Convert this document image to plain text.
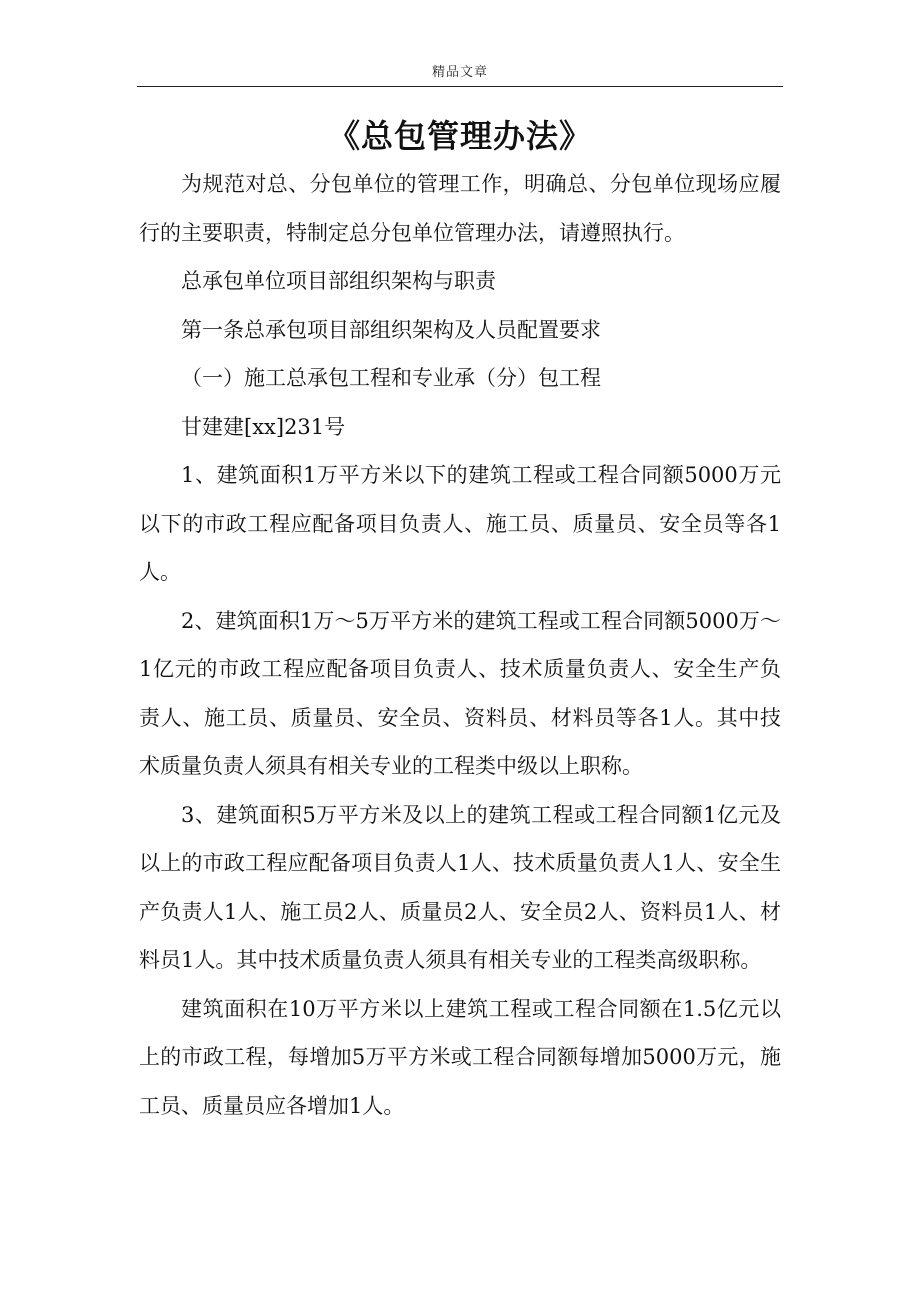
精品文章
《总包管理办法》

为规范对总、分包单位的管理工作，明确总、分包单位现场应履行的主要职责，特制定总分包单位管理办法，请遵照执行。

总承包单位项目部组织架构与职责

第一条总承包项目部组织架构及人员配置要求

（一）施工总承包工程和专业承（分）包工程

甘建建[xx]231号

1、建筑面积1万平方米以下的建筑工程或工程合同额5000万元以下的市政工程应配备项目负责人、施工员、质量员、安全员等各1人。

2、建筑面积1万～5万平方米的建筑工程或工程合同额5000万～1亿元的市政工程应配备项目负责人、技术质量负责人、安全生产负责人、施工员、质量员、安全员、资料员、材料员等各1人。其中技术质量负责人须具有相关专业的工程类中级以上职称。

3、建筑面积5万平方米及以上的建筑工程或工程合同额1亿元及以上的市政工程应配备项目负责人1人、技术质量负责人1人、安全生产负责人1人、施工员2人、质量员2人、安全员2人、资料员1人、材料员1人。其中技术质量负责人须具有相关专业的工程类高级职称。

建筑面积在10万平方米以上建筑工程或工程合同额在1.5亿元以上的市政工程，每增加5万平方米或工程合同额每增加5000万元，施工员、质量员应各增加1人。
